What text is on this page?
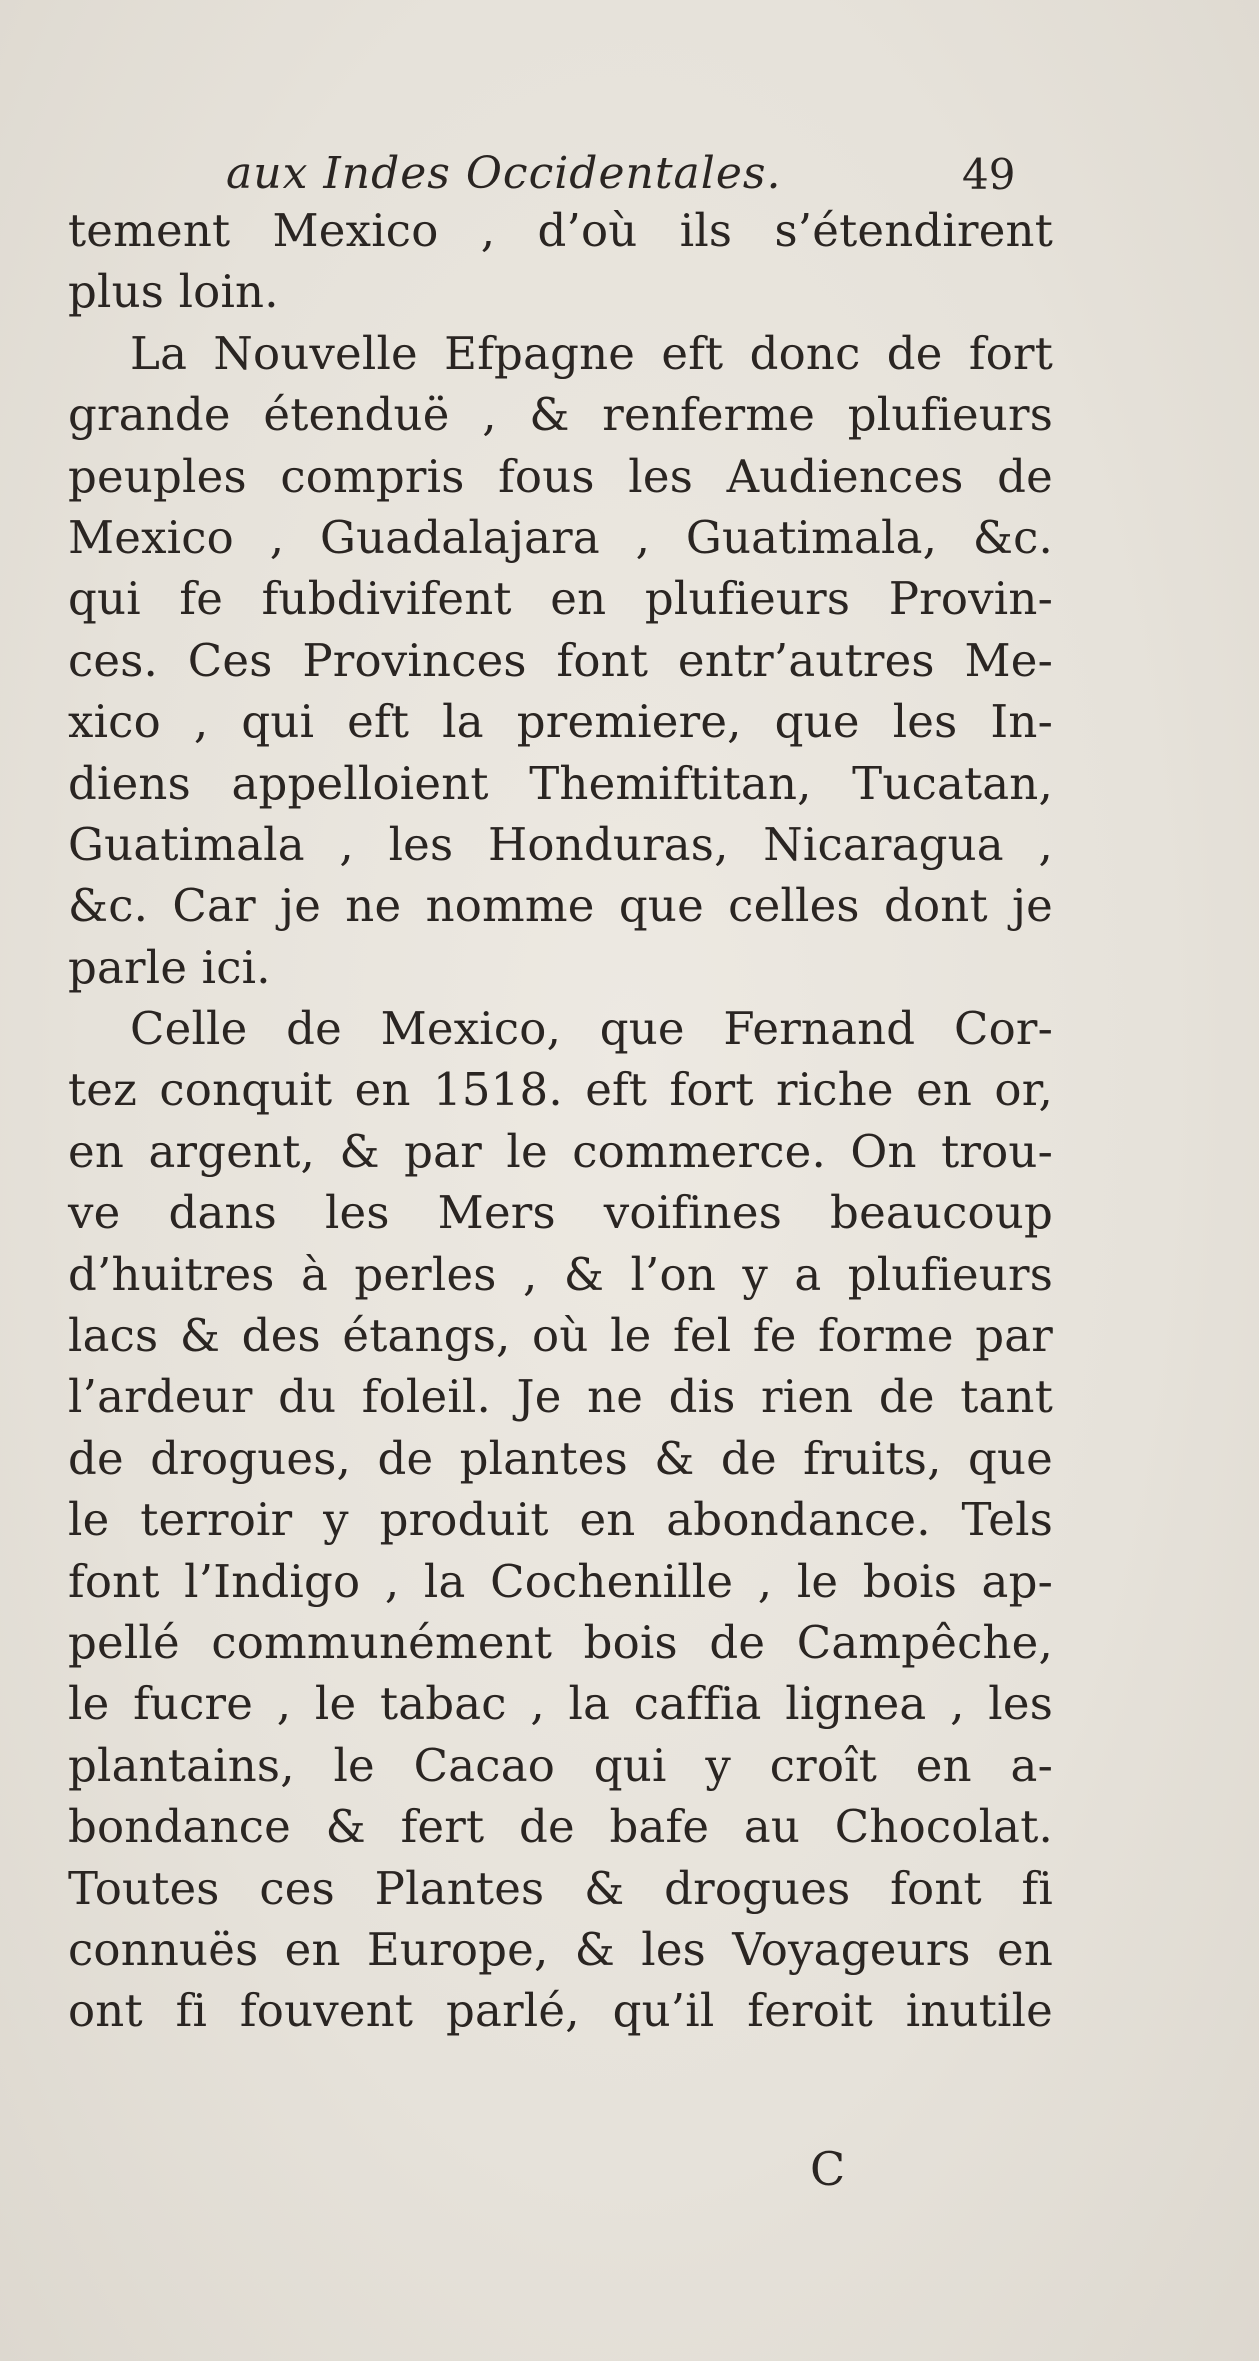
aux Indes Occidentales.	49
tement Mexico , d’où ils s’étendirent
plus loin.
La Nouvelle Efpagne eft donc de fort
grande étenduë , & renferme plufieurs
peuples compris fous les Audiences de
Mexico , Guadalajara , Guatimala, &c.
qui fe fubdivifent en plufieurs Provin-
ces. Ces Provinces font entr’autres Me-
xico , qui eft la premiere, que les In-
diens appelloient Themiftitan, Tucatan,
Guatimala , les Honduras, Nicaragua ,
&c. Car je ne nomme que celles dont je
parle ici.
Celle de Mexico, que Fernand Cor-
tez conquit en 1518. eft fort riche en or,
en argent, & par le commerce. On trou-
ve dans les Mers voifines beaucoup
d’huitres à perles , & l’on y a plufieurs
lacs & des étangs, où le fel fe forme par
l’ardeur du foleil. Je ne dis rien de tant
de drogues, de plantes & de fruits, que
le terroir y produit en abondance. Tels
font l’Indigo , la Cochenille , le bois ap-
pellé communément bois de Campêche,
le fucre , le tabac , la caffia lignea , les
plantains, le Cacao qui y croît en a-
bondance & fert de bafe au Chocolat.
Toutes ces Plantes & drogues font fi
connuës en Europe, & les Voyageurs en
ont fi fouvent parlé, qu’il feroit inutile
C
